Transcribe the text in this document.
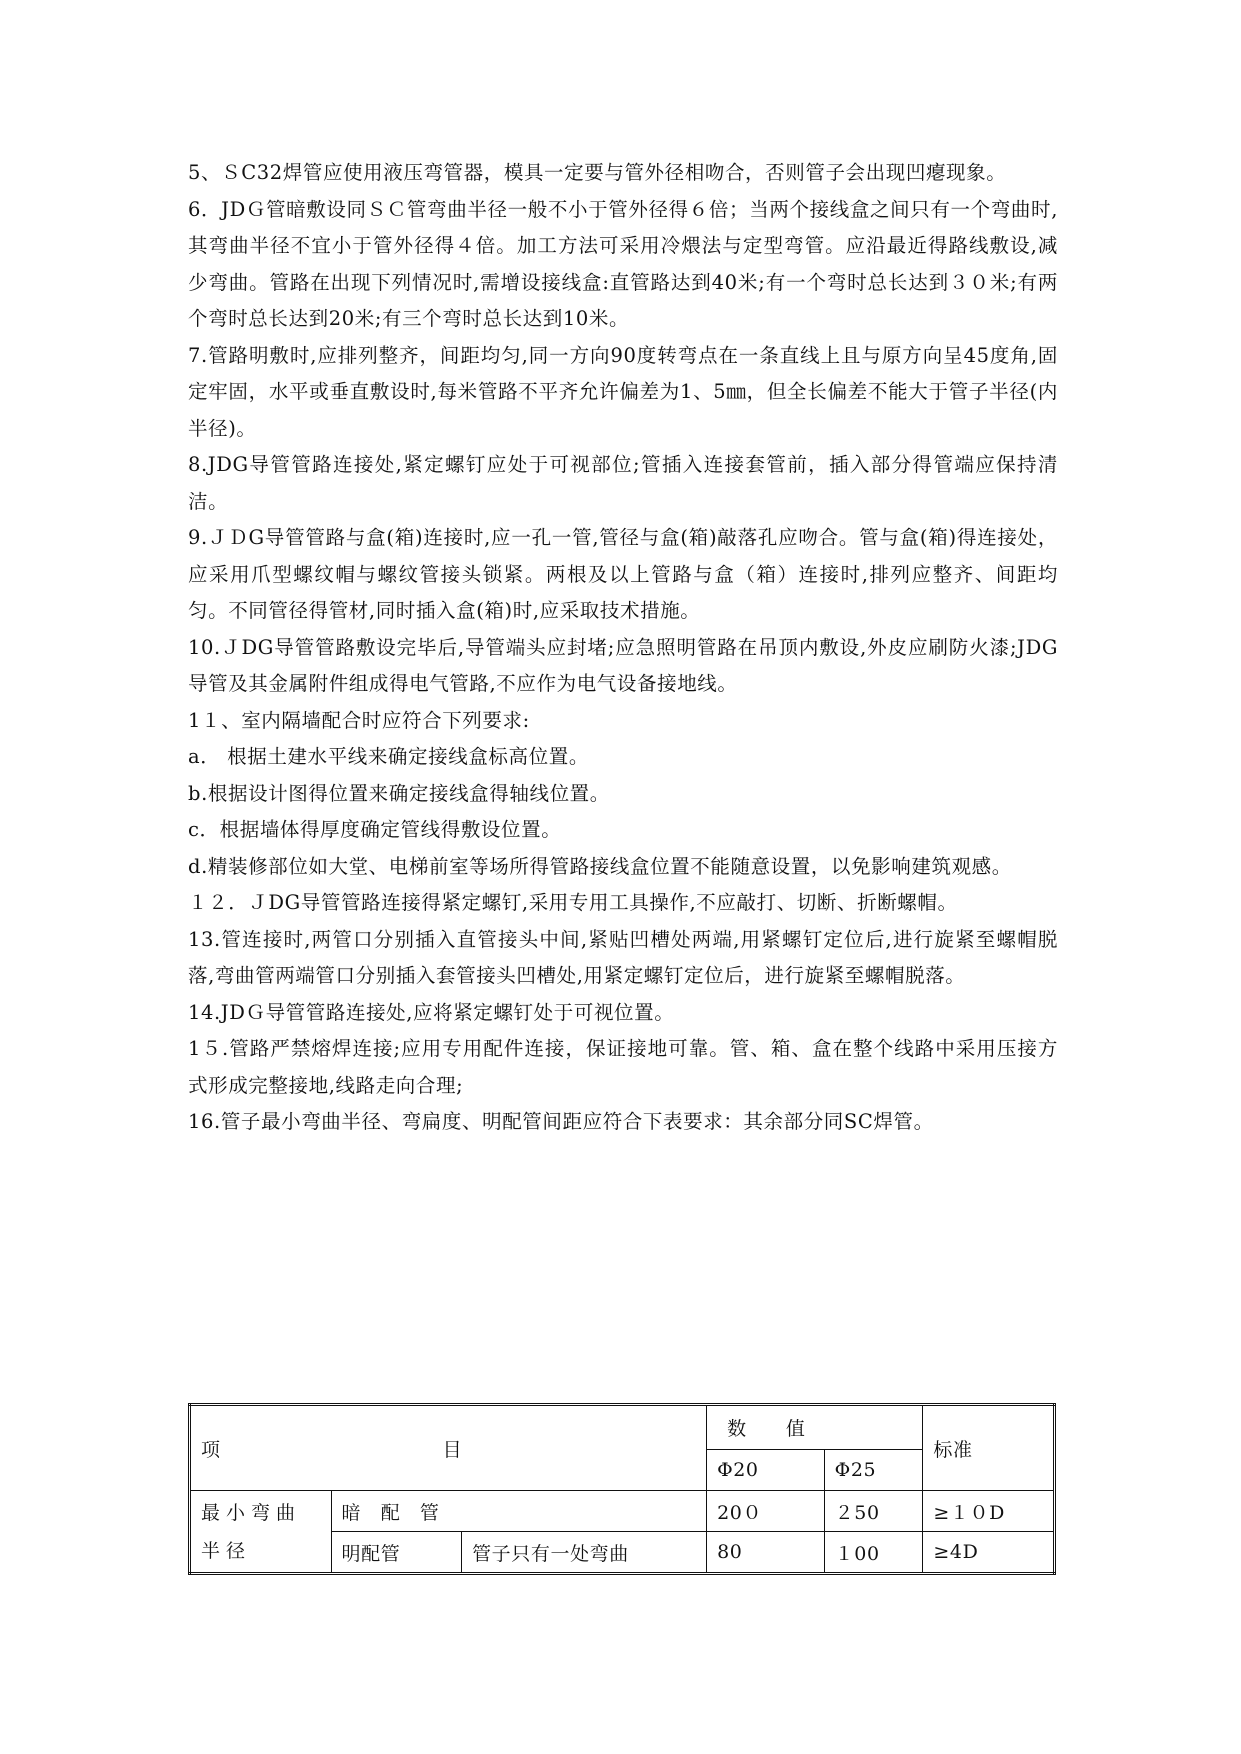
5、ＳC32焊管应使用液压弯管器，模具一定要与管外径相吻合，否则管子会出现凹瘪现象。

6．JDＧ管暗敷设同ＳＣ管弯曲半径一般不小于管外径得６倍；当两个接线盒之间只有一个弯曲时,其弯曲半径不宜小于管外径得４倍。加工方法可采用冷煨法与定型弯管。应沿最近得路线敷设,减少弯曲。管路在出现下列情况时,需增设接线盒:直管路达到40米;有一个弯时总长达到３０米;有两个弯时总长达到20米;有三个弯时总长达到10米。

7.管路明敷时,应排列整齐，间距均匀,同一方向90度转弯点在一条直线上且与原方向呈45度角,固定牢固，水平或垂直敷设时,每米管路不平齐允许偏差为1、5㎜，但全长偏差不能大于管子半径(内半径)。

8.JDG导管管路连接处,紧定螺钉应处于可视部位;管插入连接套管前，插入部分得管端应保持清洁。

9.ＪＤG导管管路与盒(箱)连接时,应一孔一管,管径与盒(箱)敲落孔应吻合。管与盒(箱)得连接处，应采用爪型螺纹帽与螺纹管接头锁紧。两根及以上管路与盒（箱）连接时,排列应整齐、间距均匀。不同管径得管材,同时插入盒(箱)时,应采取技术措施。

10.ＪDG导管管路敷设完毕后,导管端头应封堵;应急照明管路在吊顶内敷设,外皮应刷防火漆;JDG导管及其金属附件组成得电气管路,不应作为电气设备接地线。

1１、室内隔墙配合时应符合下列要求:

a． 根据土建水平线来确定接线盒标高位置。

b.根据设计图得位置来确定接线盒得轴线位置。

c．根据墙体得厚度确定管线得敷设位置。

d.精装修部位如大堂、电梯前室等场所得管路接线盒位置不能随意设置，以免影响建筑观感。

１２．ＪDG导管管路连接得紧定螺钉,采用专用工具操作,不应敲打、切断、折断螺帽。

13.管连接时,两管口分别插入直管接头中间,紧贴凹槽处两端,用紧螺钉定位后,进行旋紧至螺帽脱落,弯曲管两端管口分别插入套管接头凹槽处,用紧定螺钉定位后，进行旋紧至螺帽脱落。

14.JDＧ导管管路连接处,应将紧定螺钉处于可视位置。

1５.管路严禁熔焊连接;应用专用配件连接，保证接地可靠。管、箱、盒在整个线路中采用压接方式形成完整接地,线路走向合理;

16.管子最小弯曲半径、弯扁度、明配管间距应符合下表要求：其余部分同SC焊管。

项 目			数　　值		标准
			Φ20	Φ25	

最小弯曲半径	暗　配　管		20０	２50	≥１０D
	明配管	管子只有一处弯曲	80	１00	≥4D
